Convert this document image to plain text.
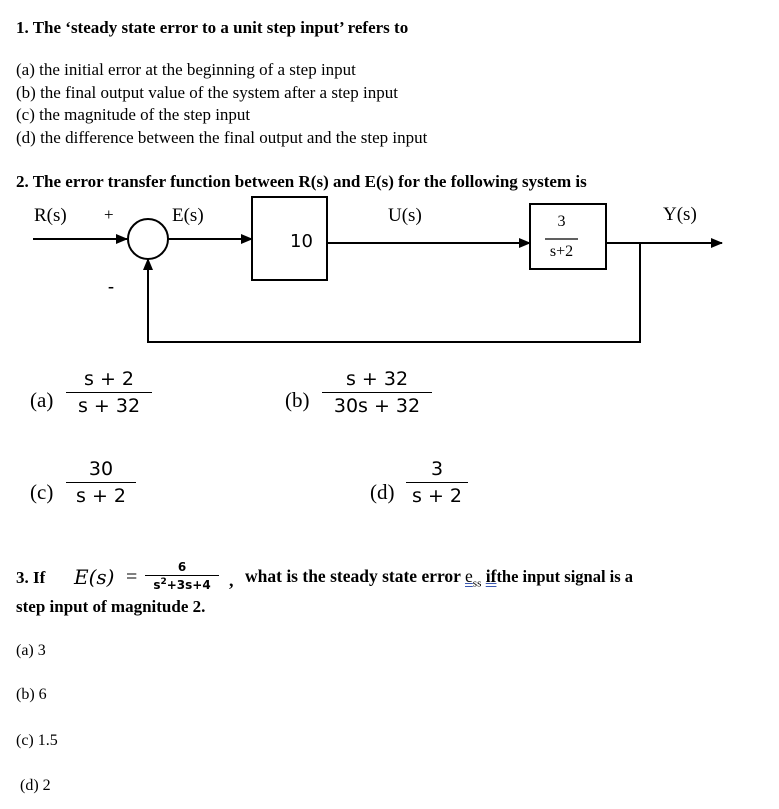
1. The ‘steady state error to a unit step input’ refers to
(a) the initial error at the beginning of a step input
(b) the final output value of the system after a step input
(c) the magnitude of the step input
(d) the difference between the final output and the step input
2. The error transfer function between R(s) and E(s) for the following system is
R(s) +	E(s)
10
U(s)	3
s+2
Y(s)
-
(a)
s + 2
s + 32	(b)
s + 32
30s + 32
(c)
30
s + 2	(d)
3
s + 2
3. If E(s) =	6
$s^2+3s+4$	, what is the steady state error $e_{ss}$ ifthe input signal is a
step input of magnitude 2.
(a) 3
(b) 6
(c) 1.5
(d) 2
